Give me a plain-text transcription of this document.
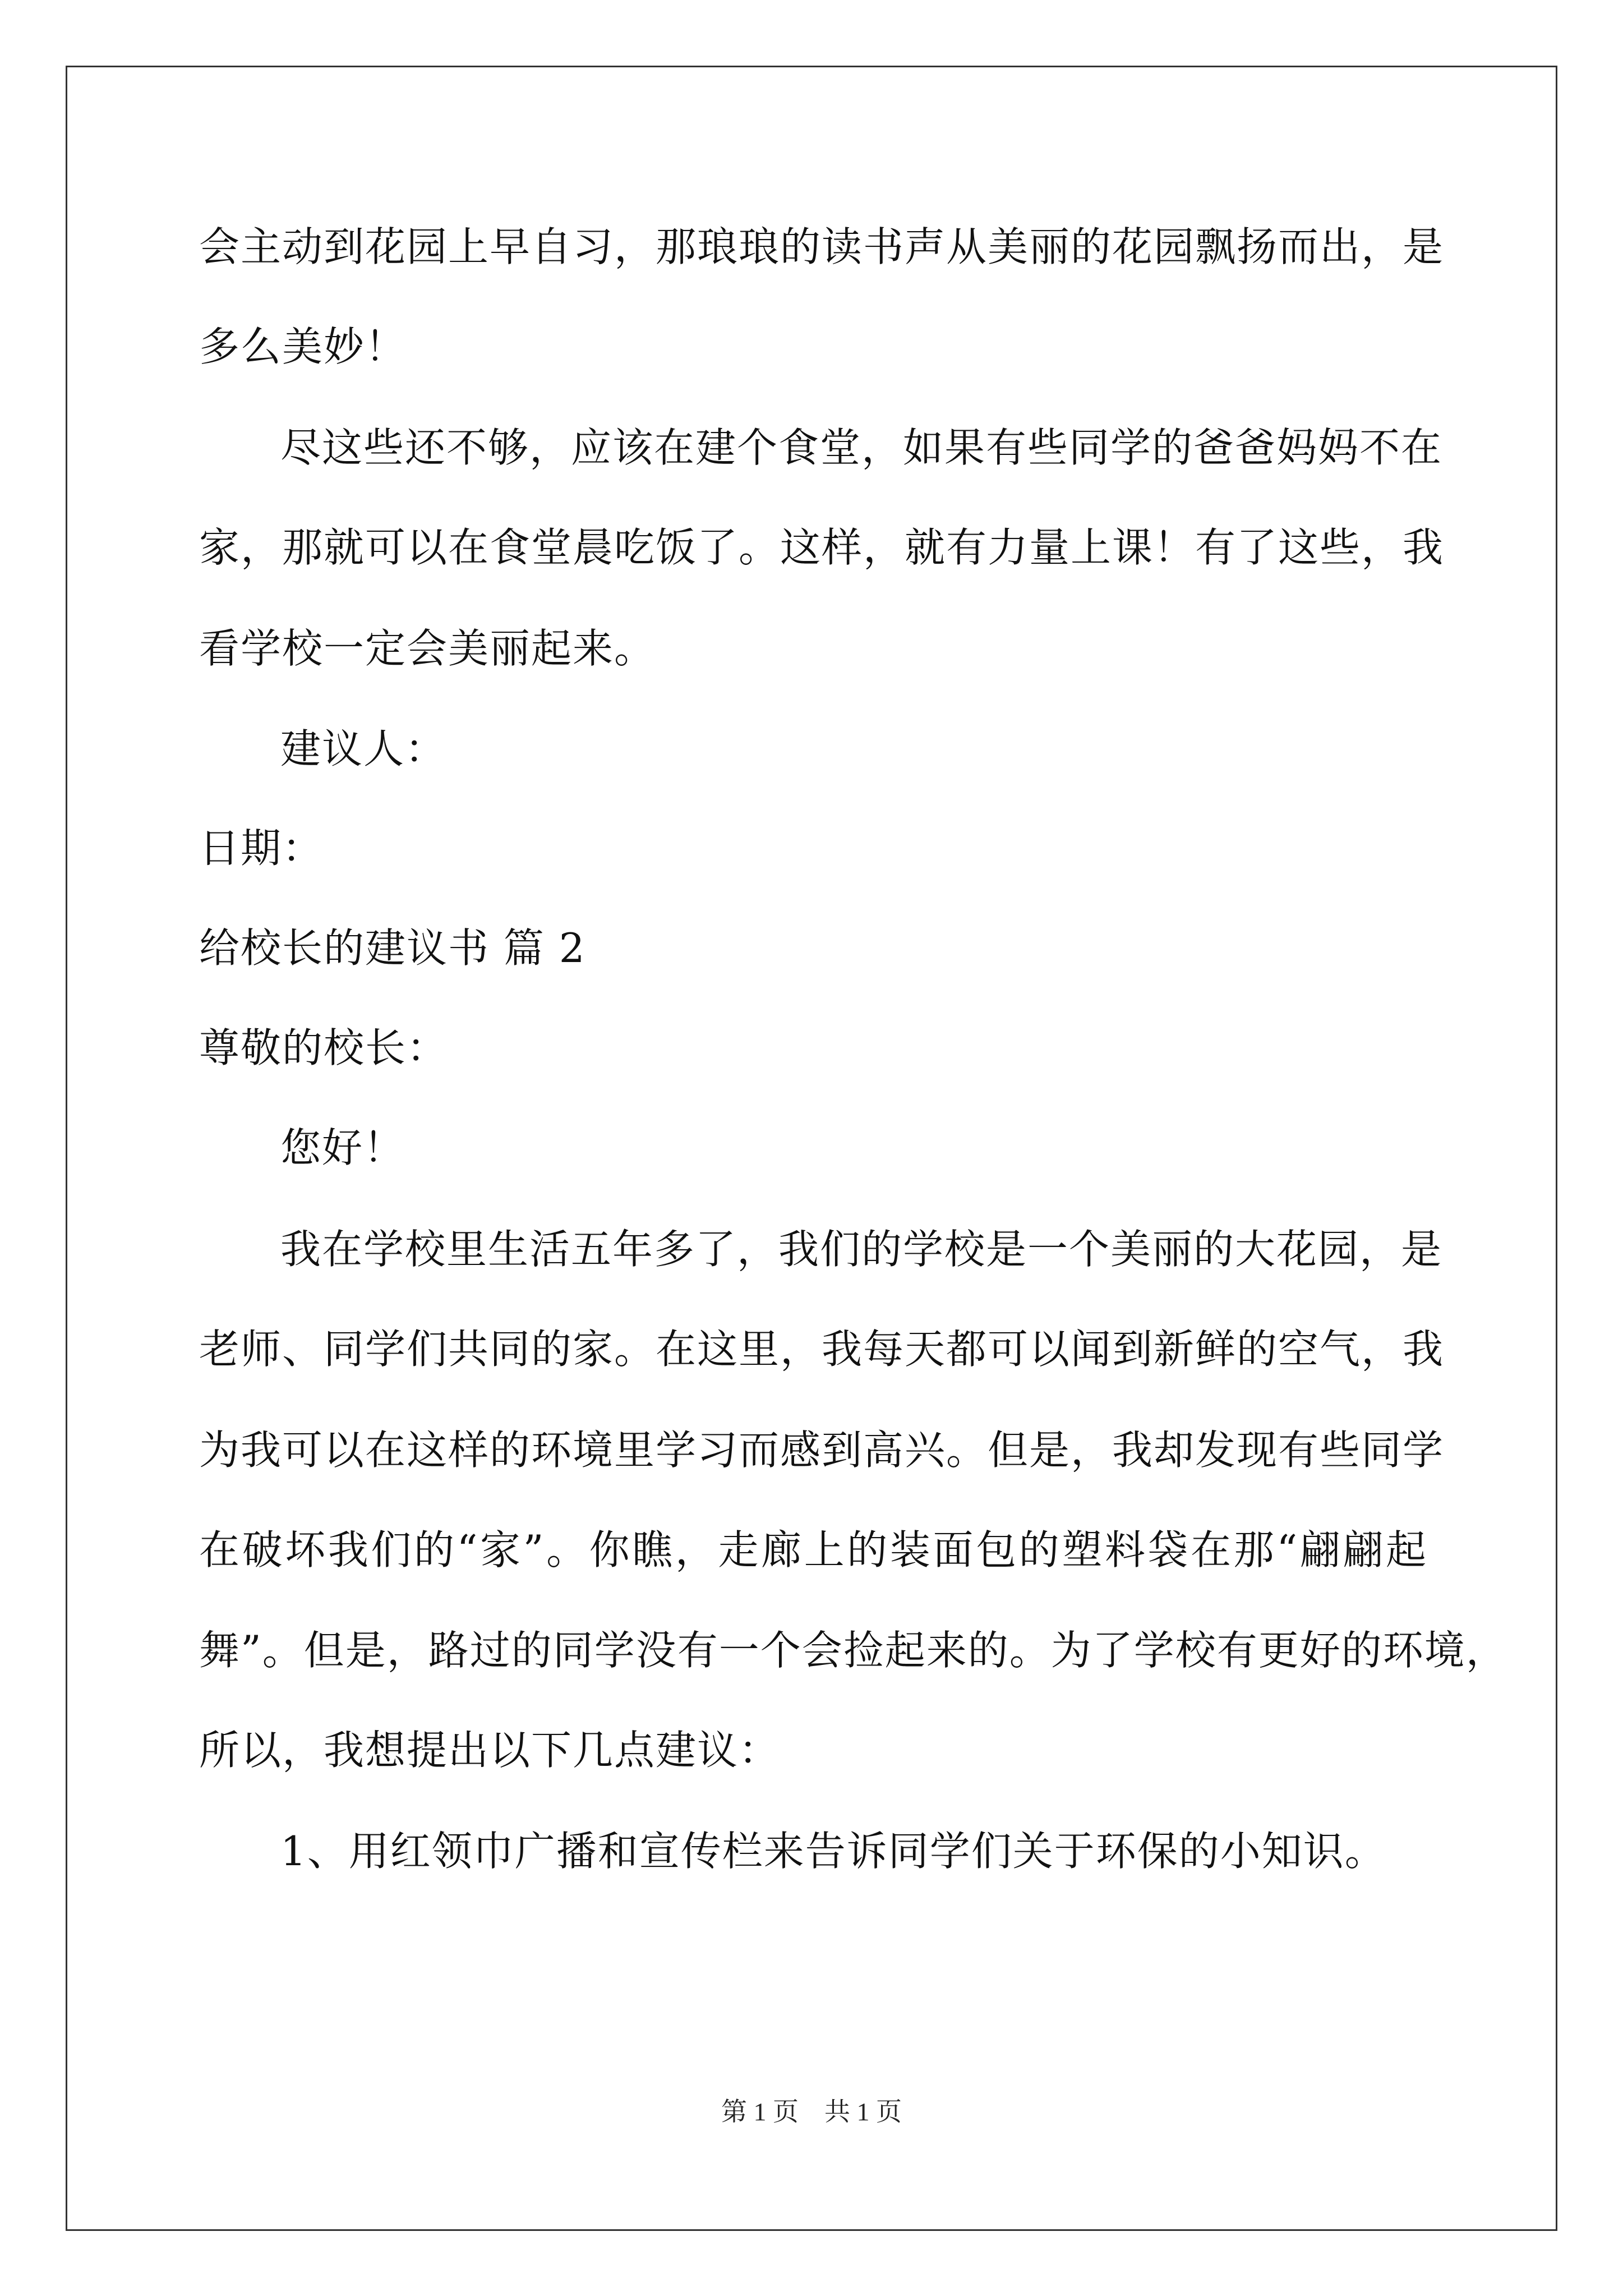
会主动到花园上早自习，那琅琅的读书声从美丽的花园飘扬而出，是
多么美妙！
尽这些还不够，应该在建个食堂，如果有些同学的爸爸妈妈不在
家，那就可以在食堂晨吃饭了。这样，就有力量上课！有了这些，我
看学校一定会美丽起来。
建议人：
日期：
给校长的建议书 篇 2
尊敬的校长：
您好！
我在学校里生活五年多了，我们的学校是一个美丽的大花园，是
老师、同学们共同的家。在这里，我每天都可以闻到新鲜的空气，我
为我可以在这样的环境里学习而感到高兴。但是，我却发现有些同学
在破坏我们的“家”。你瞧，走廊上的装面包的塑料袋在那“翩翩起
舞”。但是，路过的同学没有一个会捡起来的。为了学校有更好的环境，
所以，我想提出以下几点建议：
1、用红领巾广播和宣传栏来告诉同学们关于环保的小知识。
第 1 页　共 1 页
